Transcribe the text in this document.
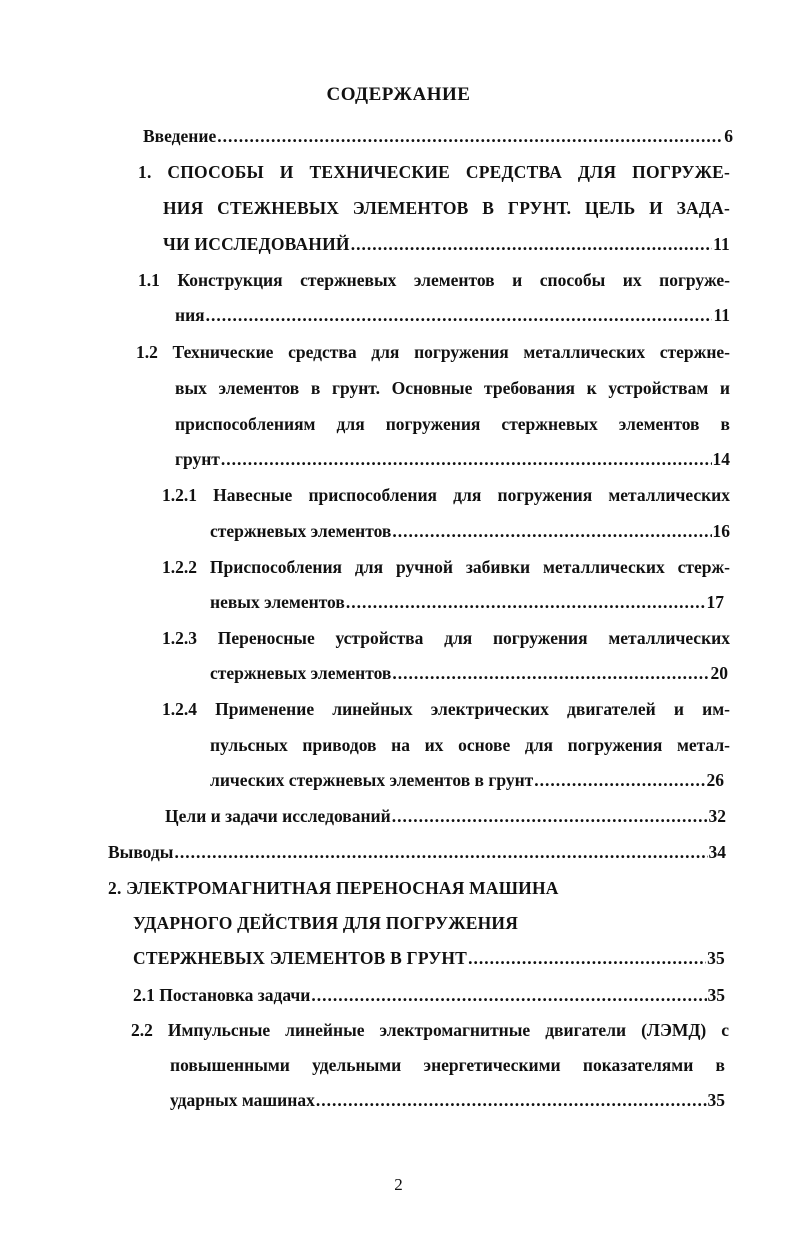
СОДЕРЖАНИЕ
Введение .....	6
1. СПОСОБЫ И ТЕХНИЧЕСКИЕ СРЕДСТВА ДЛЯ ПОГРУЖЕ-
НИЯ СТЕЖНЕВЫХ ЭЛЕМЕНТОВ В ГРУНТ. ЦЕЛЬ И ЗАДА-
ЧИ ИССЛЕДОВАНИЙ .....	11
1.1 Конструкция стержневых элементов и способы их погруже-
ния .....	11
1.2 Технические средства для погружения металлических стержне-
вых элементов в грунт. Основные требования к устройствам и
приспособлениям для погружения стержневых элементов в
грунт .....	14
1.2.1 Навесные приспособления для погружения металлических
стержневых элементов .....	16
1.2.2 Приспособления для ручной забивки металлических стерж-
невых элементов .....	17
1.2.3 Переносные устройства для погружения металлических
стержневых элементов .....	20
1.2.4 Применение линейных электрических двигателей и им-
пульсных приводов на их основе для погружения метал-
лических стержневых элементов в грунт .....	26
Цели и задачи исследований .....	32
Выводы .....	34
2. ЭЛЕКТРОМАГНИТНАЯ ПЕРЕНОСНАЯ МАШИНА
УДАРНОГО ДЕЙСТВИЯ ДЛЯ ПОГРУЖЕНИЯ
СТЕРЖНЕВЫХ ЭЛЕМЕНТОВ В ГРУНТ .....	35
2.1 Постановка задачи .....	35
2.2 Импульсные линейные электромагнитные двигатели (ЛЭМД) с
повышенными удельными энергетическими показателями в
ударных машинах .....	35
2
